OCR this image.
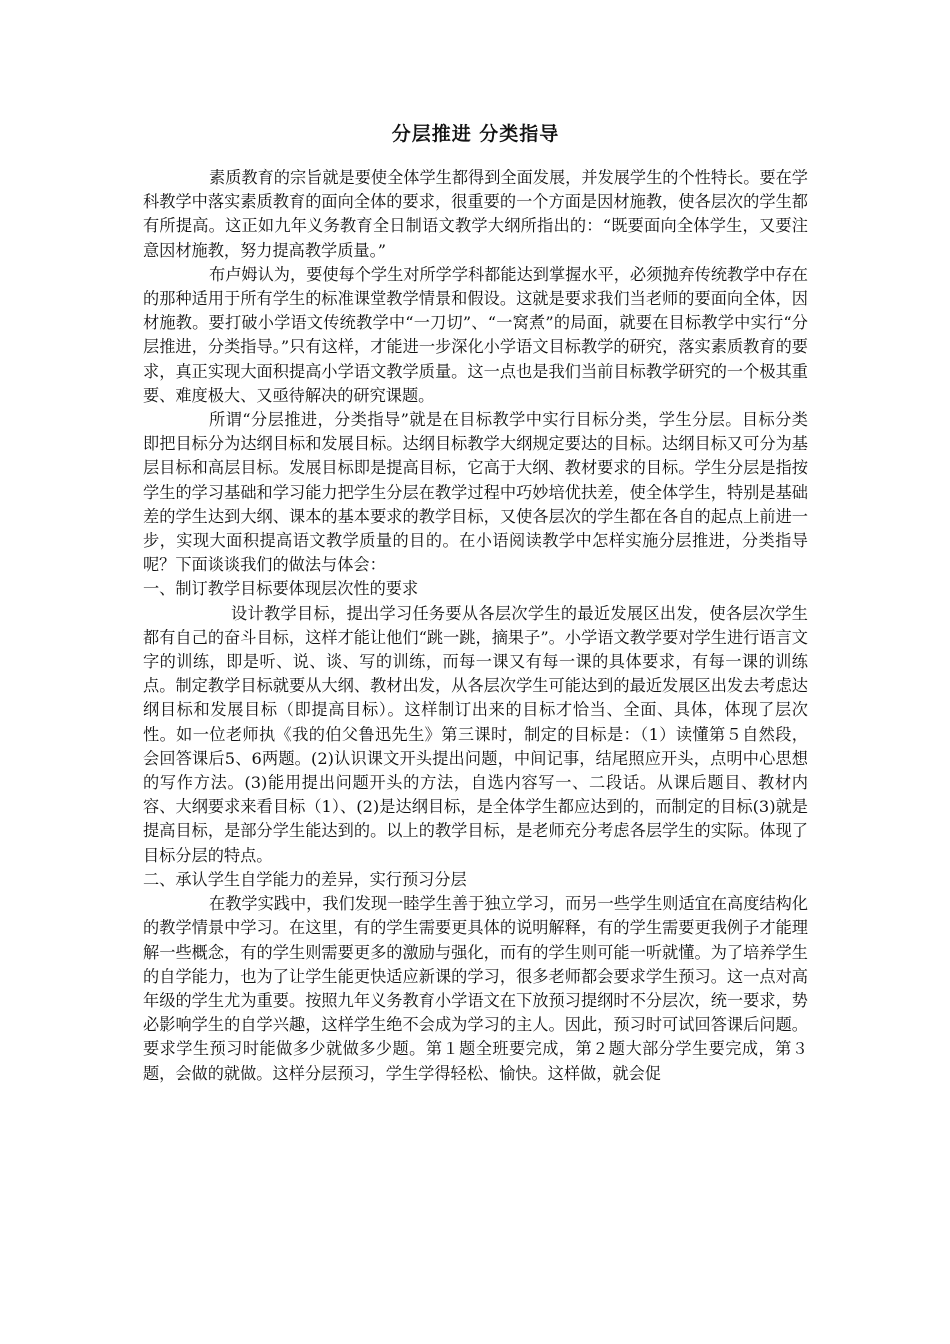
分层推进 分类指导

素质教育的宗旨就是要使全体学生都得到全面发展，并发展学生的个性特长。要在学科教学中落实素质教育的面向全体的要求，很重要的一个方面是因材施教，使各层次的学生都有所提高。这正如九年义务教育全日制语文教学大纲所指出的：“既要面向全体学生，又要注意因材施教，努力提高教学质量。”

布卢姆认为，要使每个学生对所学学科都能达到掌握水平，必须抛弃传统教学中存在的那种适用于所有学生的标准课堂教学情景和假设。这就是要求我们当老师的要面向全体，因材施教。要打破小学语文传统教学中“一刀切”、“一窝煮”的局面，就要在目标教学中实行“分层推进，分类指导。”只有这样，才能进一步深化小学语文目标教学的研究，落实素质教育的要求，真正实现大面积提高小学语文教学质量。这一点也是我们当前目标教学研究的一个极其重要、难度极大、又亟待解决的研究课题。

所谓“分层推进，分类指导”就是在目标教学中实行目标分类，学生分层。目标分类即把目标分为达纲目标和发展目标。达纲目标教学大纲规定要达的目标。达纲目标又可分为基层目标和高层目标。发展目标即是提高目标，它高于大纲、教材要求的目标。学生分层是指按学生的学习基础和学习能力把学生分层在教学过程中巧妙培优扶差，使全体学生，特别是基础差的学生达到大纲、课本的基本要求的教学目标，又使各层次的学生都在各自的起点上前进一步，实现大面积提高语文教学质量的目的。在小语阅读教学中怎样实施分层推进，分类指导呢？下面谈谈我们的做法与体会：

一、制订教学目标要体现层次性的要求

设计教学目标，提出学习任务要从各层次学生的最近发展区出发，使各层次学生都有自己的奋斗目标，这样才能让他们“跳一跳，摘果子”。小学语文教学要对学生进行语言文字的训练，即是听、说、谈、写的训练，而每一课又有每一课的具体要求，有每一课的训练点。制定教学目标就要从大纲、教材出发，从各层次学生可能达到的最近发展区出发去考虑达纲目标和发展目标（即提高目标）。这样制订出来的目标才恰当、全面、具体，体现了层次性。如一位老师执《我的伯父鲁迅先生》第三课时，制定的目标是：（1）读懂第５自然段，会回答课后5、6两题。(2)认识课文开头提出问题，中间记事，结尾照应开头，点明中心思想的写作方法。(3)能用提出问题开头的方法，自选内容写一、二段话。从课后题目、教材内容、大纲要求来看目标（1）、(2)是达纲目标，是全体学生都应达到的，而制定的目标(3)就是提高目标，是部分学生能达到的。以上的教学目标，是老师充分考虑各层学生的实际。体现了目标分层的特点。

二、承认学生自学能力的差异，实行预习分层

在教学实践中，我们发现一睦学生善于独立学习，而另一些学生则适宜在高度结构化的教学情景中学习。在这里，有的学生需要更具体的说明解释，有的学生需要更我例子才能理解一些概念，有的学生则需要更多的激励与强化，而有的学生则可能一听就懂。为了培养学生的自学能力，也为了让学生能更快适应新课的学习，很多老师都会要求学生预习。这一点对高年级的学生尤为重要。按照九年义务教育小学语文在下放预习提纲时不分层次，统一要求，势必影响学生的自学兴趣，这样学生绝不会成为学习的主人。因此，预习时可试回答课后问题。要求学生预习时能做多少就做多少题。第１题全班要完成，第２题大部分学生要完成，第３题，会做的就做。这样分层预习，学生学得轻松、愉快。这样做，就会促
